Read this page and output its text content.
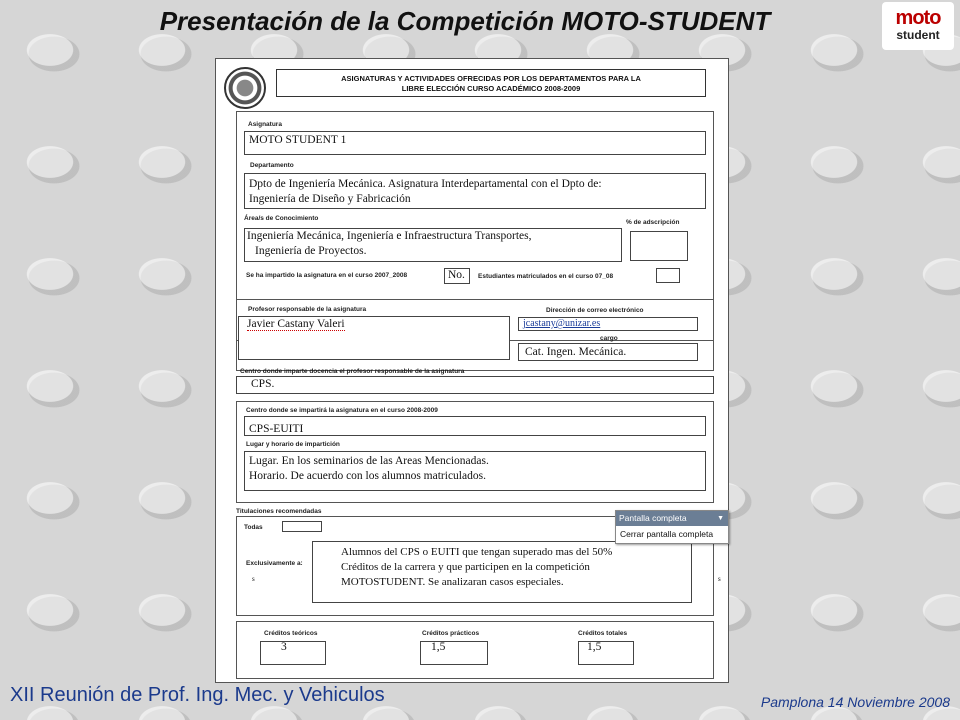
Presentación de la Competición MOTO-STUDENT	moto
student
ASIGNATURAS Y ACTIVIDADES OFRECIDAS POR LOS DEPARTAMENTOS PARA LA
LIBRE ELECCIÓN CURSO ACADÉMICO 2008-2009
Asignatura
MOTO STUDENT 1
Departamento
Dpto de Ingeniería Mecánica. Asignatura Interdepartamental con el Dpto de:
Ingeniería de Diseño y Fabricación
Área/s de Conocimiento
% de adscripción
Ingeniería Mecánica, Ingeniería e Infraestructura Transportes,
Ingeniería de Proyectos.
Se ha impartido la asignatura en el curso 2007_2008	No. Estudiantes matriculados en el curso 07_08
Profesor responsable de la asignatura	Dirección de correo electrónico
Javier Castany Valeri	jcastany@unizar.es
cargo
Cat. Ingen. Mecánica.
Centro donde imparte docencia el profesor responsable de la asignatura
CPS.
Centro donde se impartirá la asignatura en el curso 2008-2009
CPS-EUITI
Lugar y horario de impartición
Lugar. En los seminarios de las Areas Mencionadas.
Horario. De acuerdo con los alumnos matriculados.
Titulaciones recomendadas
Todas
Exclusivamente a:
s	s
Alumnos del CPS o EUITI que tengan superado mas del 50%
Créditos de la carrera y que participen en la competición
MOTOSTUDENT. Se analizaran casos especiales.
Créditos teóricos
3
Créditos prácticos
1,5
Créditos totales
1,5
Pantalla completa	▼
Cerrar pantalla completa
XII Reunión de Prof. Ing. Mec. y Vehiculos	Pamplona 14 Noviembre 2008
